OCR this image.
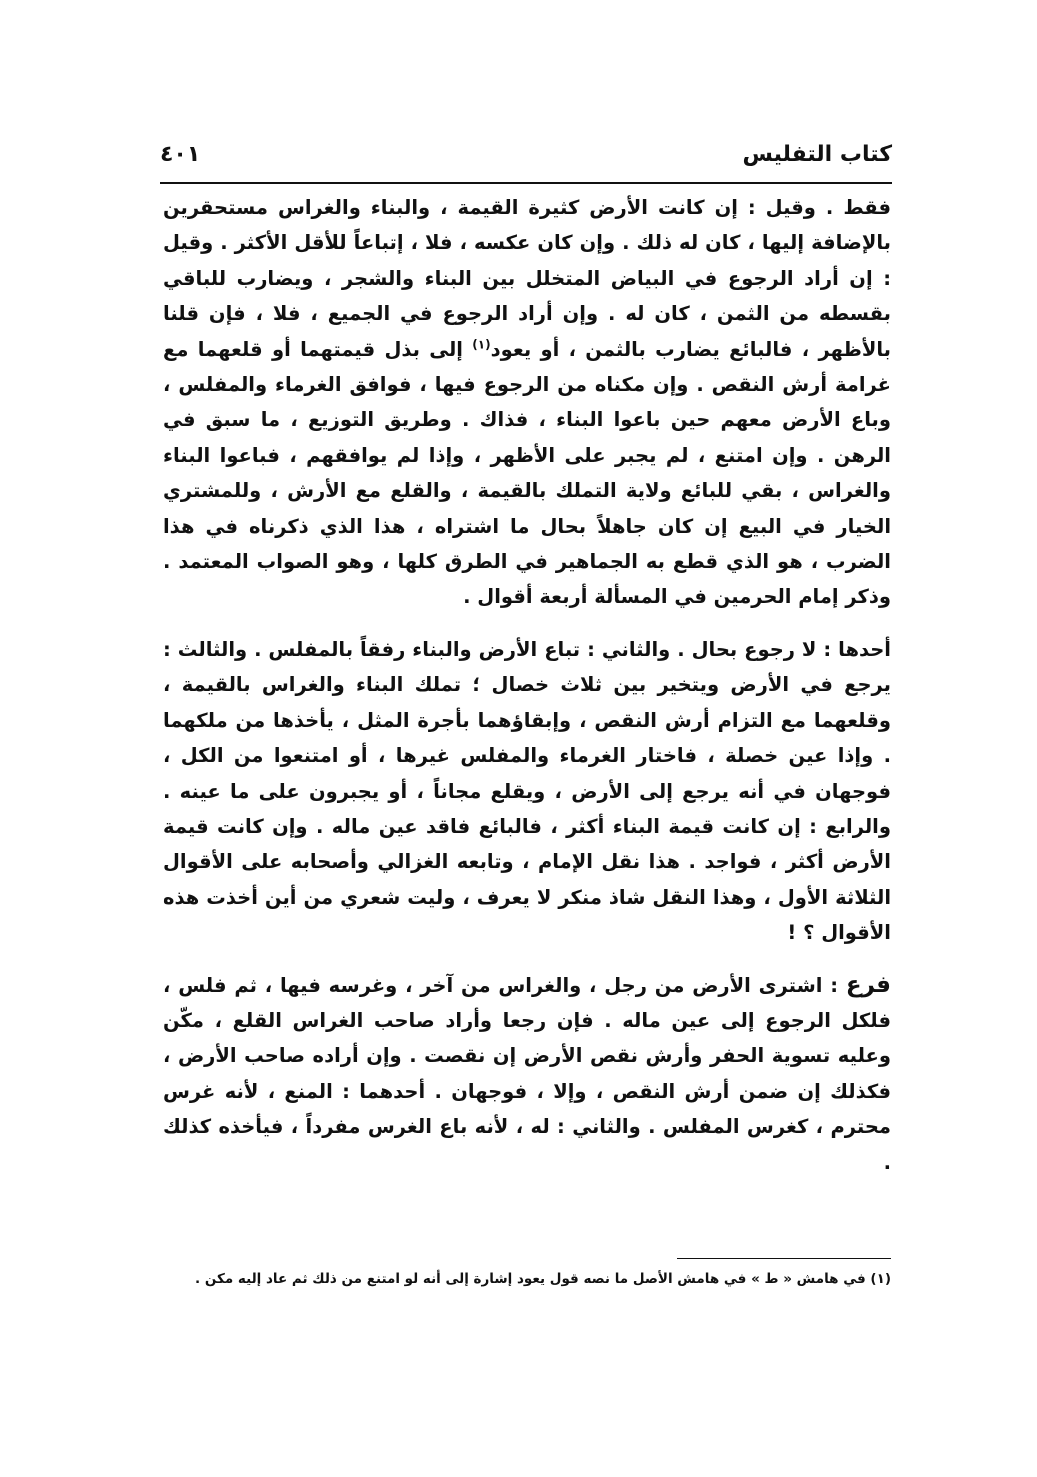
كتاب التفليس
٤٠١

فقط . وقيل : إن كانت الأرض كثيرة القيمة ، والبناء والغراس مستحقرين بالإضافة إليها ، كان له ذلك . وإن كان عكسه ، فلا ، إتباعاً للأقل الأكثر . وقيل : إن أراد الرجوع في البياض المتخلل بين البناء والشجر ، ويضارب للباقي بقسطه من الثمن ، كان له . وإن أراد الرجوع في الجميع ، فلا ، فإن قلنا بالأظهر ، فالبائع يضارب بالثمن ، أو يعود$^{(١)}$ إلى بذل قيمتهما أو قلعهما مع غرامة أرش النقص . وإن مكناه من الرجوع فيها ، فوافق الغرماء والمفلس ، وباع الأرض معهم حين باعوا البناء ، فذاك . وطريق التوزيع ، ما سبق في الرهن . وإن امتنع ، لم يجبر على الأظهر ، وإذا لم يوافقهم ، فباعوا البناء والغراس ، بقي للبائع ولاية التملك بالقيمة ، والقلع مع الأرش ، وللمشتري الخيار في البيع إن كان جاهلاً بحال ما اشتراه ، هذا الذي ذكرناه في هذا الضرب ، هو الذي قطع به الجماهير في الطرق كلها ، وهو الصواب المعتمد . وذكر إمام الحرمين في المسألة أربعة أقوال .

أحدها : لا رجوع بحال . والثاني : تباع الأرض والبناء رفقاً بالمفلس . والثالث : يرجع في الأرض ويتخير بين ثلاث خصال ؛ تملك البناء والغراس بالقيمة ، وقلعهما مع التزام أرش النقص ، وإبقاؤهما بأجرة المثل ، يأخذها من ملكهما . وإذا عين خصلة ، فاختار الغرماء والمفلس غيرها ، أو امتنعوا من الكل ، فوجهان في أنه يرجع إلى الأرض ، ويقلع مجاناً ، أو يجبرون على ما عينه . والرابع : إن كانت قيمة البناء أكثر ، فالبائع فاقد عين ماله . وإن كانت قيمة الأرض أكثر ، فواجد . هذا نقل الإمام ، وتابعه الغزالي وأصحابه على الأقوال الثلاثة الأول ، وهذا النقل شاذ منكر لا يعرف ، وليت شعري من أين أخذت هذه الأقوال ؟ !

فرع : اشترى الأرض من رجل ، والغراس من آخر ، وغرسه فيها ، ثم فلس ، فلكل الرجوع إلى عين ماله . فإن رجعا وأراد صاحب الغراس القلع ، مكّن وعليه تسوية الحفر وأرش نقص الأرض إن نقصت . وإن أراده صاحب الأرض ، فكذلك إن ضمن أرش النقص ، وإلا ، فوجهان . أحدهما : المنع ، لأنه غرس محترم ، كغرس المفلس . والثاني : له ، لأنه باع الغرس مفرداً ، فيأخذه كذلك .

(١) في هامش « ط » في هامش الأصل ما نصه قول يعود إشارة إلى أنه لو امتنع من ذلك ثم عاد إليه مكن .
